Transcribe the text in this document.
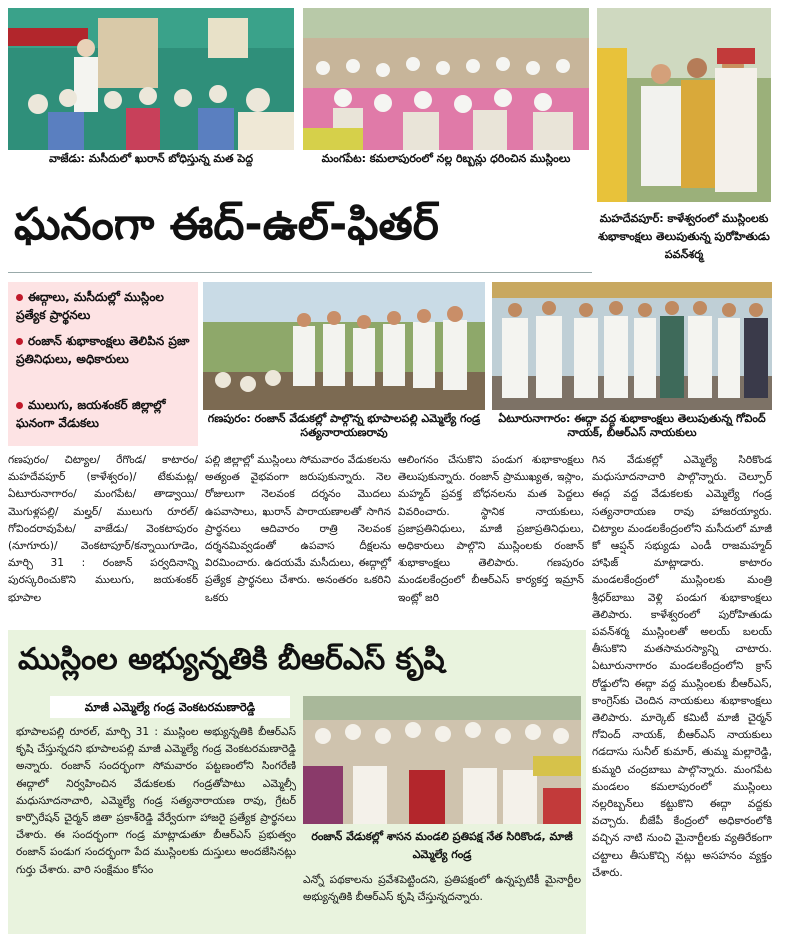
వాజేడు: మసీదులో ఖురాన్ బోధిస్తున్న మత పెద్ద	మంగపేట: కమలాపురంలో నల్ల రిబ్బన్లు ధరించిన ముస్లింలు
మహదేవపూర్: కాళేశ్వరంలో ముస్లింలకు శుభాకాంక్షలు తెలుపుతున్న పురోహితుడు పవన్‌శర్మ
ఘనంగా ఈద్-ఉల్-ఫితర్
ఈద్గాలు, మసీదుల్లో ముస్లింల ప్రత్యేక ప్రార్థనలు
రంజాన్ శుభాకాంక్షలు తెలిపిన ప్రజా ప్రతినిధులు, అధికారులు
ములుగు, జయశంకర్ జిల్లాల్లో ఘనంగా వేడుకలు	గణపురం: రంజాన్ వేడుకల్లో పాల్గొన్న భూపాలపల్లి ఎమ్మెల్యే గండ్ర సత్యనారాయణరావు
ఏటూరునాగారం: ఈద్గా వద్ద శుభాకాంక్షలు తెలుపుతున్న గోవింద్ నాయక్, బీఆర్ఎస్ నాయకులు
గణపురం/ చిట్యాల/ రేగొండ/ కాటారం/ మహదేవపూర్ (కాళేశ్వరం)/ టేకుమట్ల/ఏటూరునాగారం/ మంగపేట/ తాడ్వాయి/ మొగుళ్లపల్లి/ మల్హర్/ ములుగు రూరల్/ గోవిందరావుపేట/ వాజేడు/ వెంకటాపురం (నూగూరు)/ వెంకటాపూర్/కన్నాయిగూడెం, మార్చి 31 : రంజాన్ పర్వదినాన్ని పురస్కరించుకొని ములుగు, జయశంకర్ భూపాల
పల్లి జిల్లాల్లో ముస్లింలు సోమవారం వేడుకలను అత్యంత వైభవంగా జరుపుకున్నారు. నెల రోజులుగా నెలవంక దర్శనం మొదలు ఉపవాసాలు, ఖురాన్ పారాయణాలతో సాగిన ప్రార్థనలు ఆదివారం రాత్రి నెలవంక దర్శనమివ్వడంతో ఉపవాస దీక్షలను విరమించారు. ఉదయమే మసీదులు, ఈద్గాల్లో ప్రత్యేక ప్రార్థనలు చేశారు. అనంతరం ఒకరిని ఒకరు
ఆలింగనం చేసుకొని పండుగ శుభాకాంక్షలు తెలుపుకున్నారు. రంజాన్ ప్రాముఖ్యత, ఇస్లాం, మహ్మద్ ప్రవక్త బోధనలను మత పెద్దలు వివరించారు. స్థానిక నాయకులు, ప్రజాప్రతినిధులు, మాజీ ప్రజాప్రతినిధులు, అధికారులు పాల్గొని ముస్లింలకు రంజాన్ శుభాకాంక్షలు తెలిపారు. గణపురం మండలకేంద్రంలో బీఆర్ఎస్ కార్యకర్త ఇమ్రాన్ ఇంట్లో జరి
గిన వేడుకల్లో ఎమ్మెల్యే సిరికొండ మధుసూదనాచారి పాల్గొన్నారు. చెల్పూర్ ఈద్గ వద్ద వేడుకలకు ఎమ్మెల్యే గండ్ర సత్యనారాయణ రావు హాజరయ్యారు. చిట్యాల మండలకేంద్రంలోని మసీదులో మాజీ కో ఆప్షన్ సభ్యుడు ఎండీ రాజమహ్మద్ హాఫిజ్ మాట్లాడారు. కాటారం మండలకేంద్రంలో ముస్లింలకు మంత్రి శ్రీధర్‌బాబు వెళ్లి పండుగ శుభాకాంక్షలు తెలిపారు. కాళేశ్వరంలో పురోహితుడు పవన్‌శర్మ ముస్లింలతో అలయ్ బలయ్ తీసుకొని మతసామరస్యాన్ని చాటారు. ఏటూరునాగారం మండలకేంద్రంలోని క్రాస్ రోడ్డులోని ఈద్గా వద్ద ముస్లింలకు బీఆర్ఎస్, కాంగ్రెస్‌కు చెందిన నాయకులు శుభాకాంక్షలు తెలిపారు. మార్కెట్ కమిటీ మాజీ చైర్మన్ గోవింద్ నాయక్, బీఆర్ఎస్ నాయకులు గడదాసు సునీల్ కుమార్, తుమ్మ మల్లారెడ్డి, కుమ్మరి చంద్రబాబు పాల్గొన్నారు. మంగపేట మండలం కమలాపురంలో ముస్లింలు నల్లరిబ్బన్‌లు కట్టుకొని ఈద్గా వద్దకు వచ్చారు. బీజేపీ కేంద్రంలో అధికారంలోకి వచ్చిన నాటి నుంచి మైనార్టీలకు వ్యతిరేకంగా చట్టాలు తీసుకొచ్చి నట్లు అసహనం వ్యక్తం చేశారు.
ముస్లింల అభ్యున్నతికి బీఆర్ఎస్ కృషి
మాజీ ఎమ్మెల్యే గండ్ర వెంకటరమణారెడ్డి
భూపాలపల్లి రూరల్, మార్చి 31 : ముస్లింల అభ్యున్నతికి బీఆర్ఎస్ కృషి చేస్తున్నదని భూపాలపల్లి మాజీ ఎమ్మెల్యే గండ్ర వెంకటరమణారెడ్డి అన్నారు. రంజాన్ సందర్భంగా సోమవారం పట్టణంలోని సింగరేణి ఈద్గాలో నిర్వహించిన వేడుకలకు గండ్రతోపాటు ఎమ్మెల్సీ మధుసూదనాచారి, ఎమ్మెల్యే గండ్ర సత్యనారాయణ రావు, గ్రేటర్ కార్పొరేషన్ చైర్మన్ జితా ప్రకాశ్‌రెడ్డి వేర్వేరుగా హాజరై ప్రత్యేక ప్రార్థనలు చేశారు. ఈ సందర్భంగా గండ్ర మాట్లాడుతూ బీఆర్ఎస్ ప్రభుత్వం రంజాన్ పండుగ సందర్భంగా పేద ముస్లింలకు దుస్తులు అందజేసినట్లు గుర్తు చేశారు. వారి సంక్షేమం కోసం
రంజాన్ వేడుకల్లో శాసన మండలి ప్రతిపక్ష నేత సిరికొండ, మాజీ ఎమ్మెల్యే గండ్ర
ఎన్నో పథకాలను ప్రవేశపెట్టిందని, ప్రతిపక్షంలో ఉన్నప్పటికీ మైనార్టీల అభ్యున్నతికి బీఆర్ఎస్ కృషి చేస్తున్నదన్నారు.
